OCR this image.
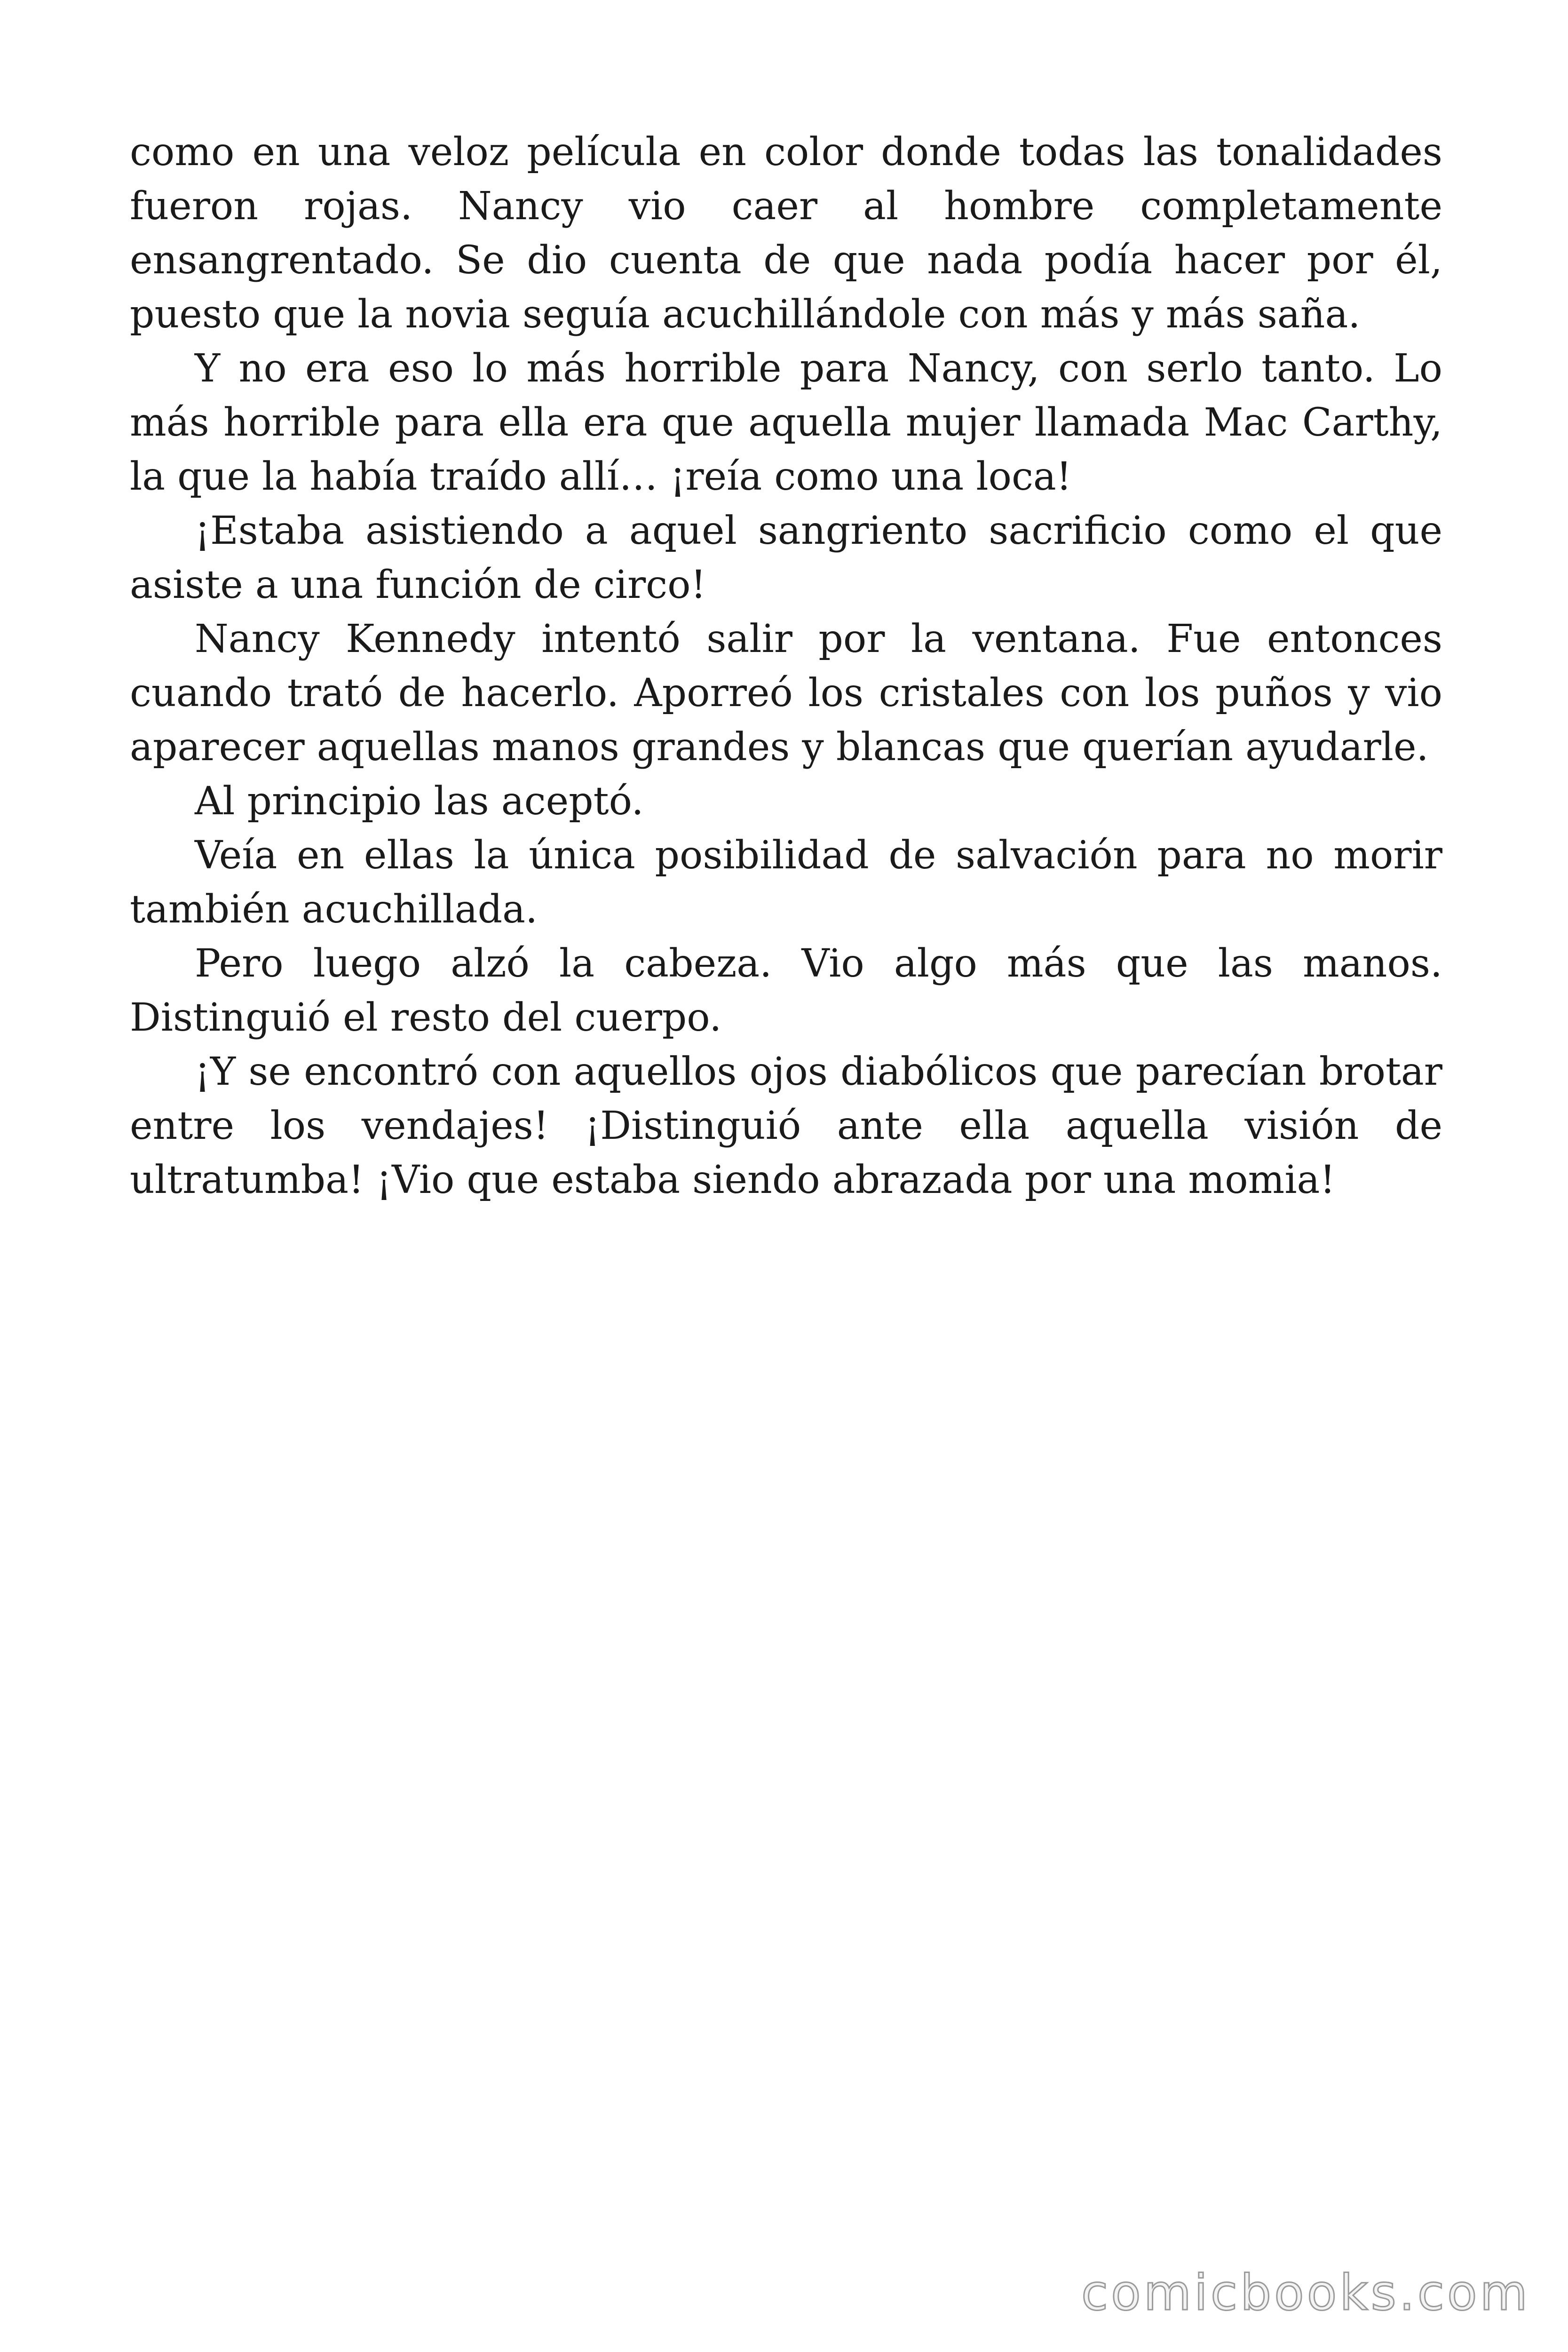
como en una veloz película en color donde todas las tonalidades fueron rojas. Nancy vio caer al hombre completamente ensangrentado. Se dio cuenta de que nada podía hacer por él, puesto que la novia seguía acuchillándole con más y más saña.

Y no era eso lo más horrible para Nancy, con serlo tanto. Lo más horrible para ella era que aquella mujer llamada Mac Carthy, la que la había traído allí… ¡reía como una loca!

¡Estaba asistiendo a aquel sangriento sacrificio como el que asiste a una función de circo!

Nancy Kennedy intentó salir por la ventana. Fue entonces cuando trató de hacerlo. Aporreó los cristales con los puños y vio aparecer aquellas manos grandes y blancas que querían ayudarle.

Al principio las aceptó.

Veía en ellas la única posibilidad de salvación para no morir también acuchillada.

Pero luego alzó la cabeza. Vio algo más que las manos. Distinguió el resto del cuerpo.

¡Y se encontró con aquellos ojos diabólicos que parecían brotar entre los vendajes! ¡Distinguió ante ella aquella visión de ultratumba! ¡Vio que estaba siendo abrazada por una momia!

comicbooks.com
